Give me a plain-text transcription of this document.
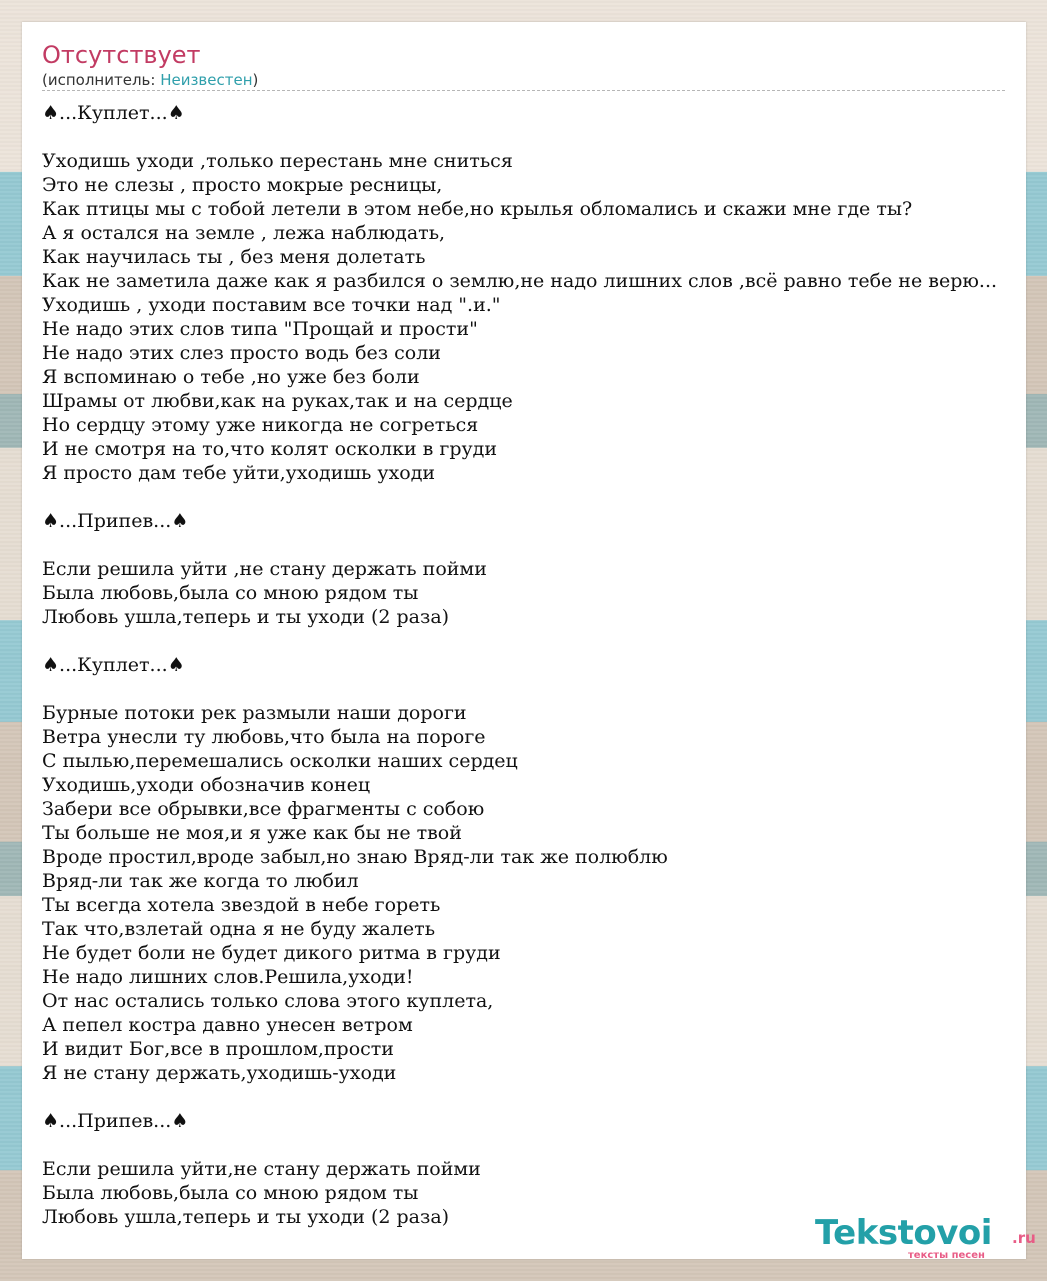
Отсутствует
(исполнитель: Неизвестен)
♠...Куплет...♠
Уходишь уходи ,только перестань мне сниться
Это не слезы , просто мокрые ресницы,
Как птицы мы с тобой летели в этом небе,но крылья обломались и скажи мне где ты?
А я остался на земле , лежа наблюдать,
Как научилась ты , без меня долетать
Как не заметила даже как я разбился о землю,не надо лишних слов ,всё равно тебе не верю...
Уходишь , уходи поставим все точки над ".и."
Не надо этих слов типа "Прощай и прости"
Не надо этих слез просто водь без соли
Я вспоминаю о тебе ,но уже без боли
Шрамы от любви,как на руках,так и на сердце
Но сердцу этому уже никогда не согреться
И не смотря на то,что колят осколки в груди
Я просто дам тебе уйти,уходишь уходи
♠...Припев...♠
Если решила уйти ,не стану держать пойми
Была любовь,была со мною рядом ты
Любовь ушла,теперь и ты уходи (2 раза)
♠...Куплет...♠
Бурные потоки рек размыли наши дороги
Ветра унесли ту любовь,что была на пороге
С пылью,перемешались осколки наших сердец
Уходишь,уходи обозначив конец
Забери все обрывки,все фрагменты с собою
Ты больше не моя,и я уже как бы не твой
Вроде простил,вроде забыл,но знаю Вряд-ли так же полюблю
Вряд-ли так же когда то любил
Ты всегда хотела звездой в небе гореть
Так что,взлетай одна я не буду жалеть
Не будет боли не будет дикого ритма в груди
Не надо лишних слов.Решила,уходи!
От нас остались только слова этого куплета,
А пепел костра давно унесен ветром
И видит Бог,все в прошлом,прости
Я не стану держать,уходишь-уходи
♠...Припев...♠
Если решила уйти,не стану держать пойми
Была любовь,была со мною рядом ты
Любовь ушла,теперь и ты уходи (2 раза)	Tekstovoi .ru
тексты песен
